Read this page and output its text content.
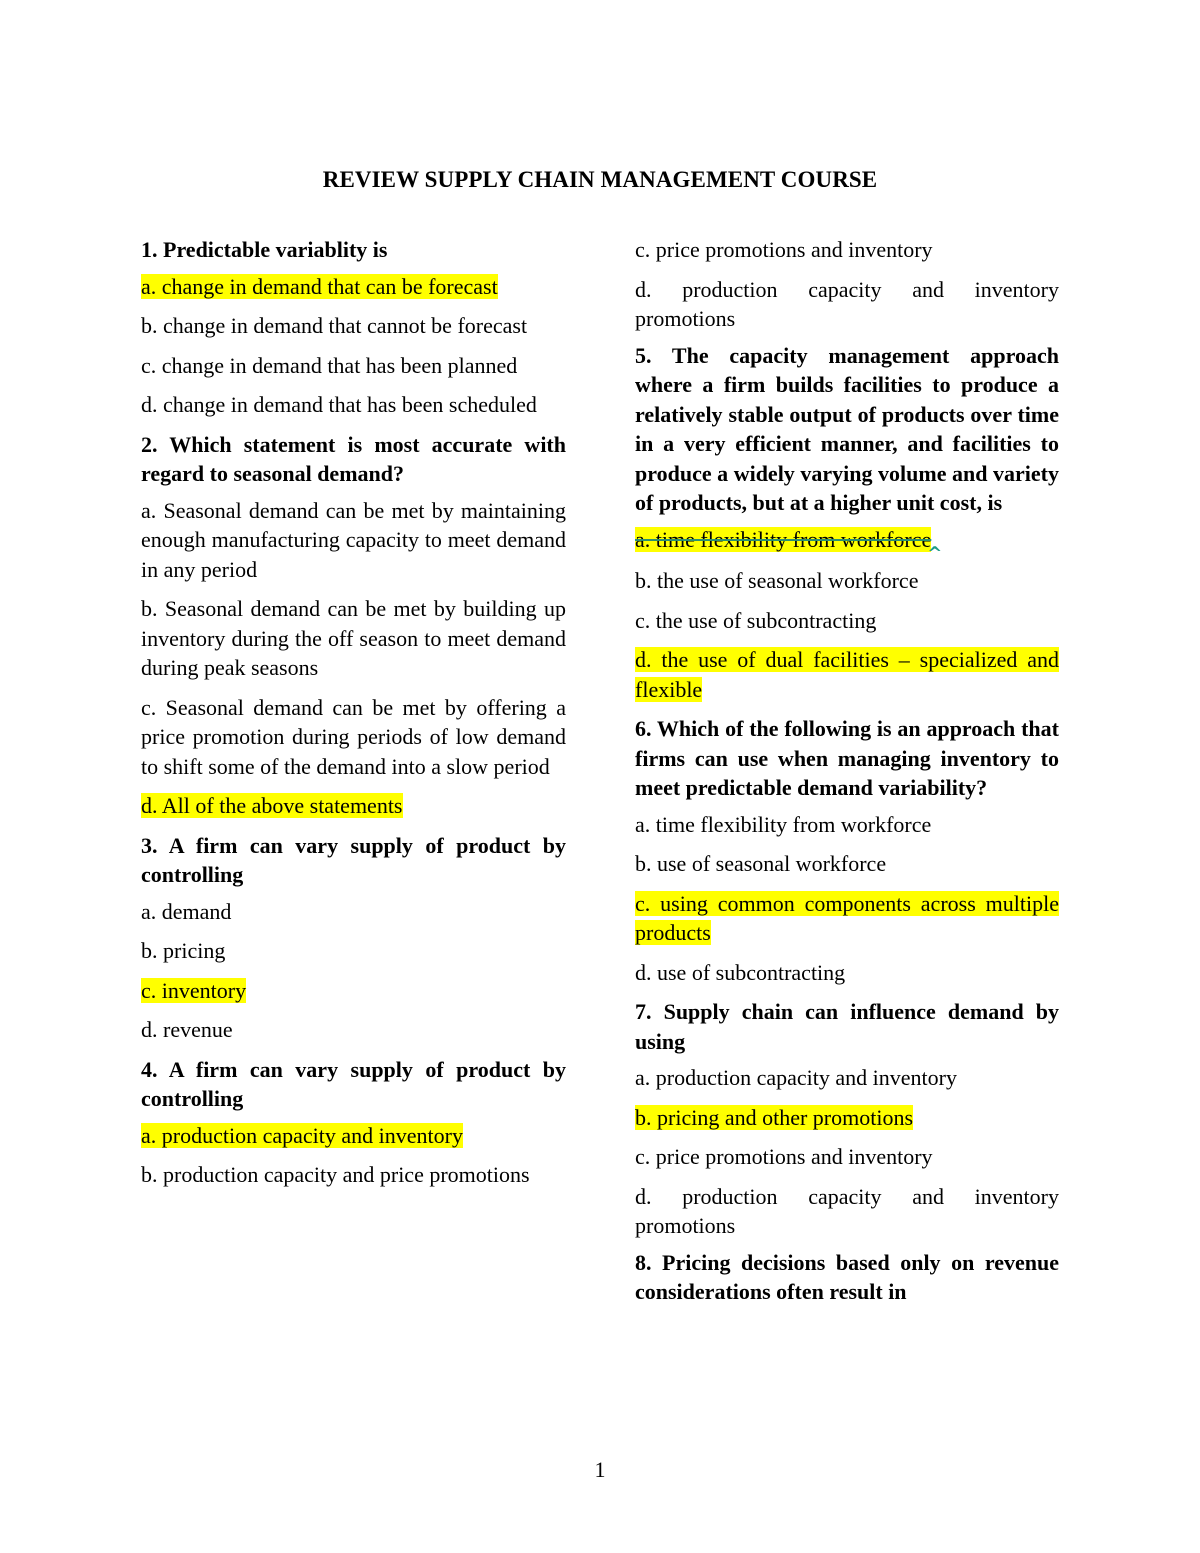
REVIEW SUPPLY CHAIN MANAGEMENT COURSE

1. Predictable variablity is

a. change in demand that can be forecast

b. change in demand that cannot be forecast

c. change in demand that has been planned

d. change in demand that has been scheduled

2. Which statement is most accurate with regard to seasonal demand?

a. Seasonal demand can be met by maintaining enough manufacturing capacity to meet demand in any period

b. Seasonal demand can be met by building up inventory during the off season to meet demand during peak seasons

c. Seasonal demand can be met by offering a price promotion during periods of low demand to shift some of the demand into a slow period

d. All of the above statements

3. A firm can vary supply of product by controlling

a. demand

b. pricing

c. inventory

d. revenue

4. A firm can vary supply of product by controlling

a. production capacity and inventory

b. production capacity and price promotions

c. price promotions and inventory

d. production capacity and inventory promotions

5. The capacity management approach where a firm builds facilities to produce a relatively stable output of products over time in a very efficient manner, and facilities to produce a widely varying volume and variety of products, but at a higher unit cost, is

a. time flexibility from workforce^

b. the use of seasonal workforce

c. the use of subcontracting

d. the use of dual facilities – specialized and flexible

6. Which of the following is an approach that firms can use when managing inventory to meet predictable demand variability?

a. time flexibility from workforce

b. use of seasonal workforce

c. using common components across multiple products

d. use of subcontracting

7. Supply chain can influence demand by using

a. production capacity and inventory

b. pricing and other promotions

c. price promotions and inventory

d. production capacity and inventory promotions

8. Pricing decisions based only on revenue considerations often result in

1
